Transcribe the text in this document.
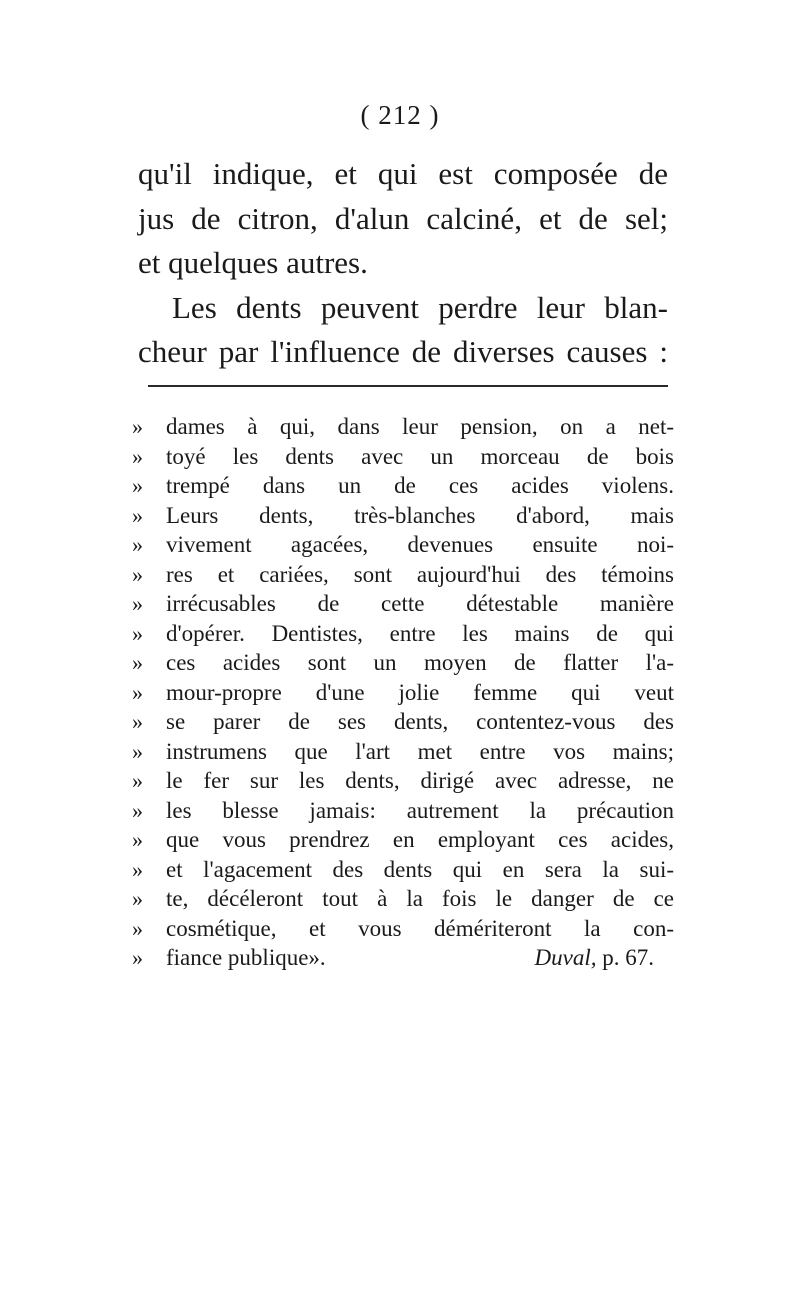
( 212 )
qu'il indique, et qui est composée de
jus de citron, d'alun calciné, et de sel;
et quelques autres.
Les dents peuvent perdre leur blan-
cheur par l'influence de diverses causes :
»	dames à qui, dans leur pension, on a net-
»	toyé les dents avec un morceau de bois
»	trempé dans un de ces acides violens.
»	Leurs dents, très-blanches d'abord, mais
»	vivement agacées, devenues ensuite noi-
»	res et cariées, sont aujourd'hui des témoins
»	irrécusables de cette détestable manière
»	d'opérer. Dentistes, entre les mains de qui
»	ces acides sont un moyen de flatter l'a-
»	mour-propre d'une jolie femme qui veut
»	se parer de ses dents, contentez-vous des
»	instrumens que l'art met entre vos mains;
»	le fer sur les dents, dirigé avec adresse, ne
»	les blesse jamais: autrement la précaution
»	que vous prendrez en employant ces acides,
»	et l'agacement des dents qui en sera la sui-
»	te, décéleront tout à la fois le danger de ce
»	cosmétique, et vous démériteront la con-
»	fiance publique».	Duval, p. 67.
